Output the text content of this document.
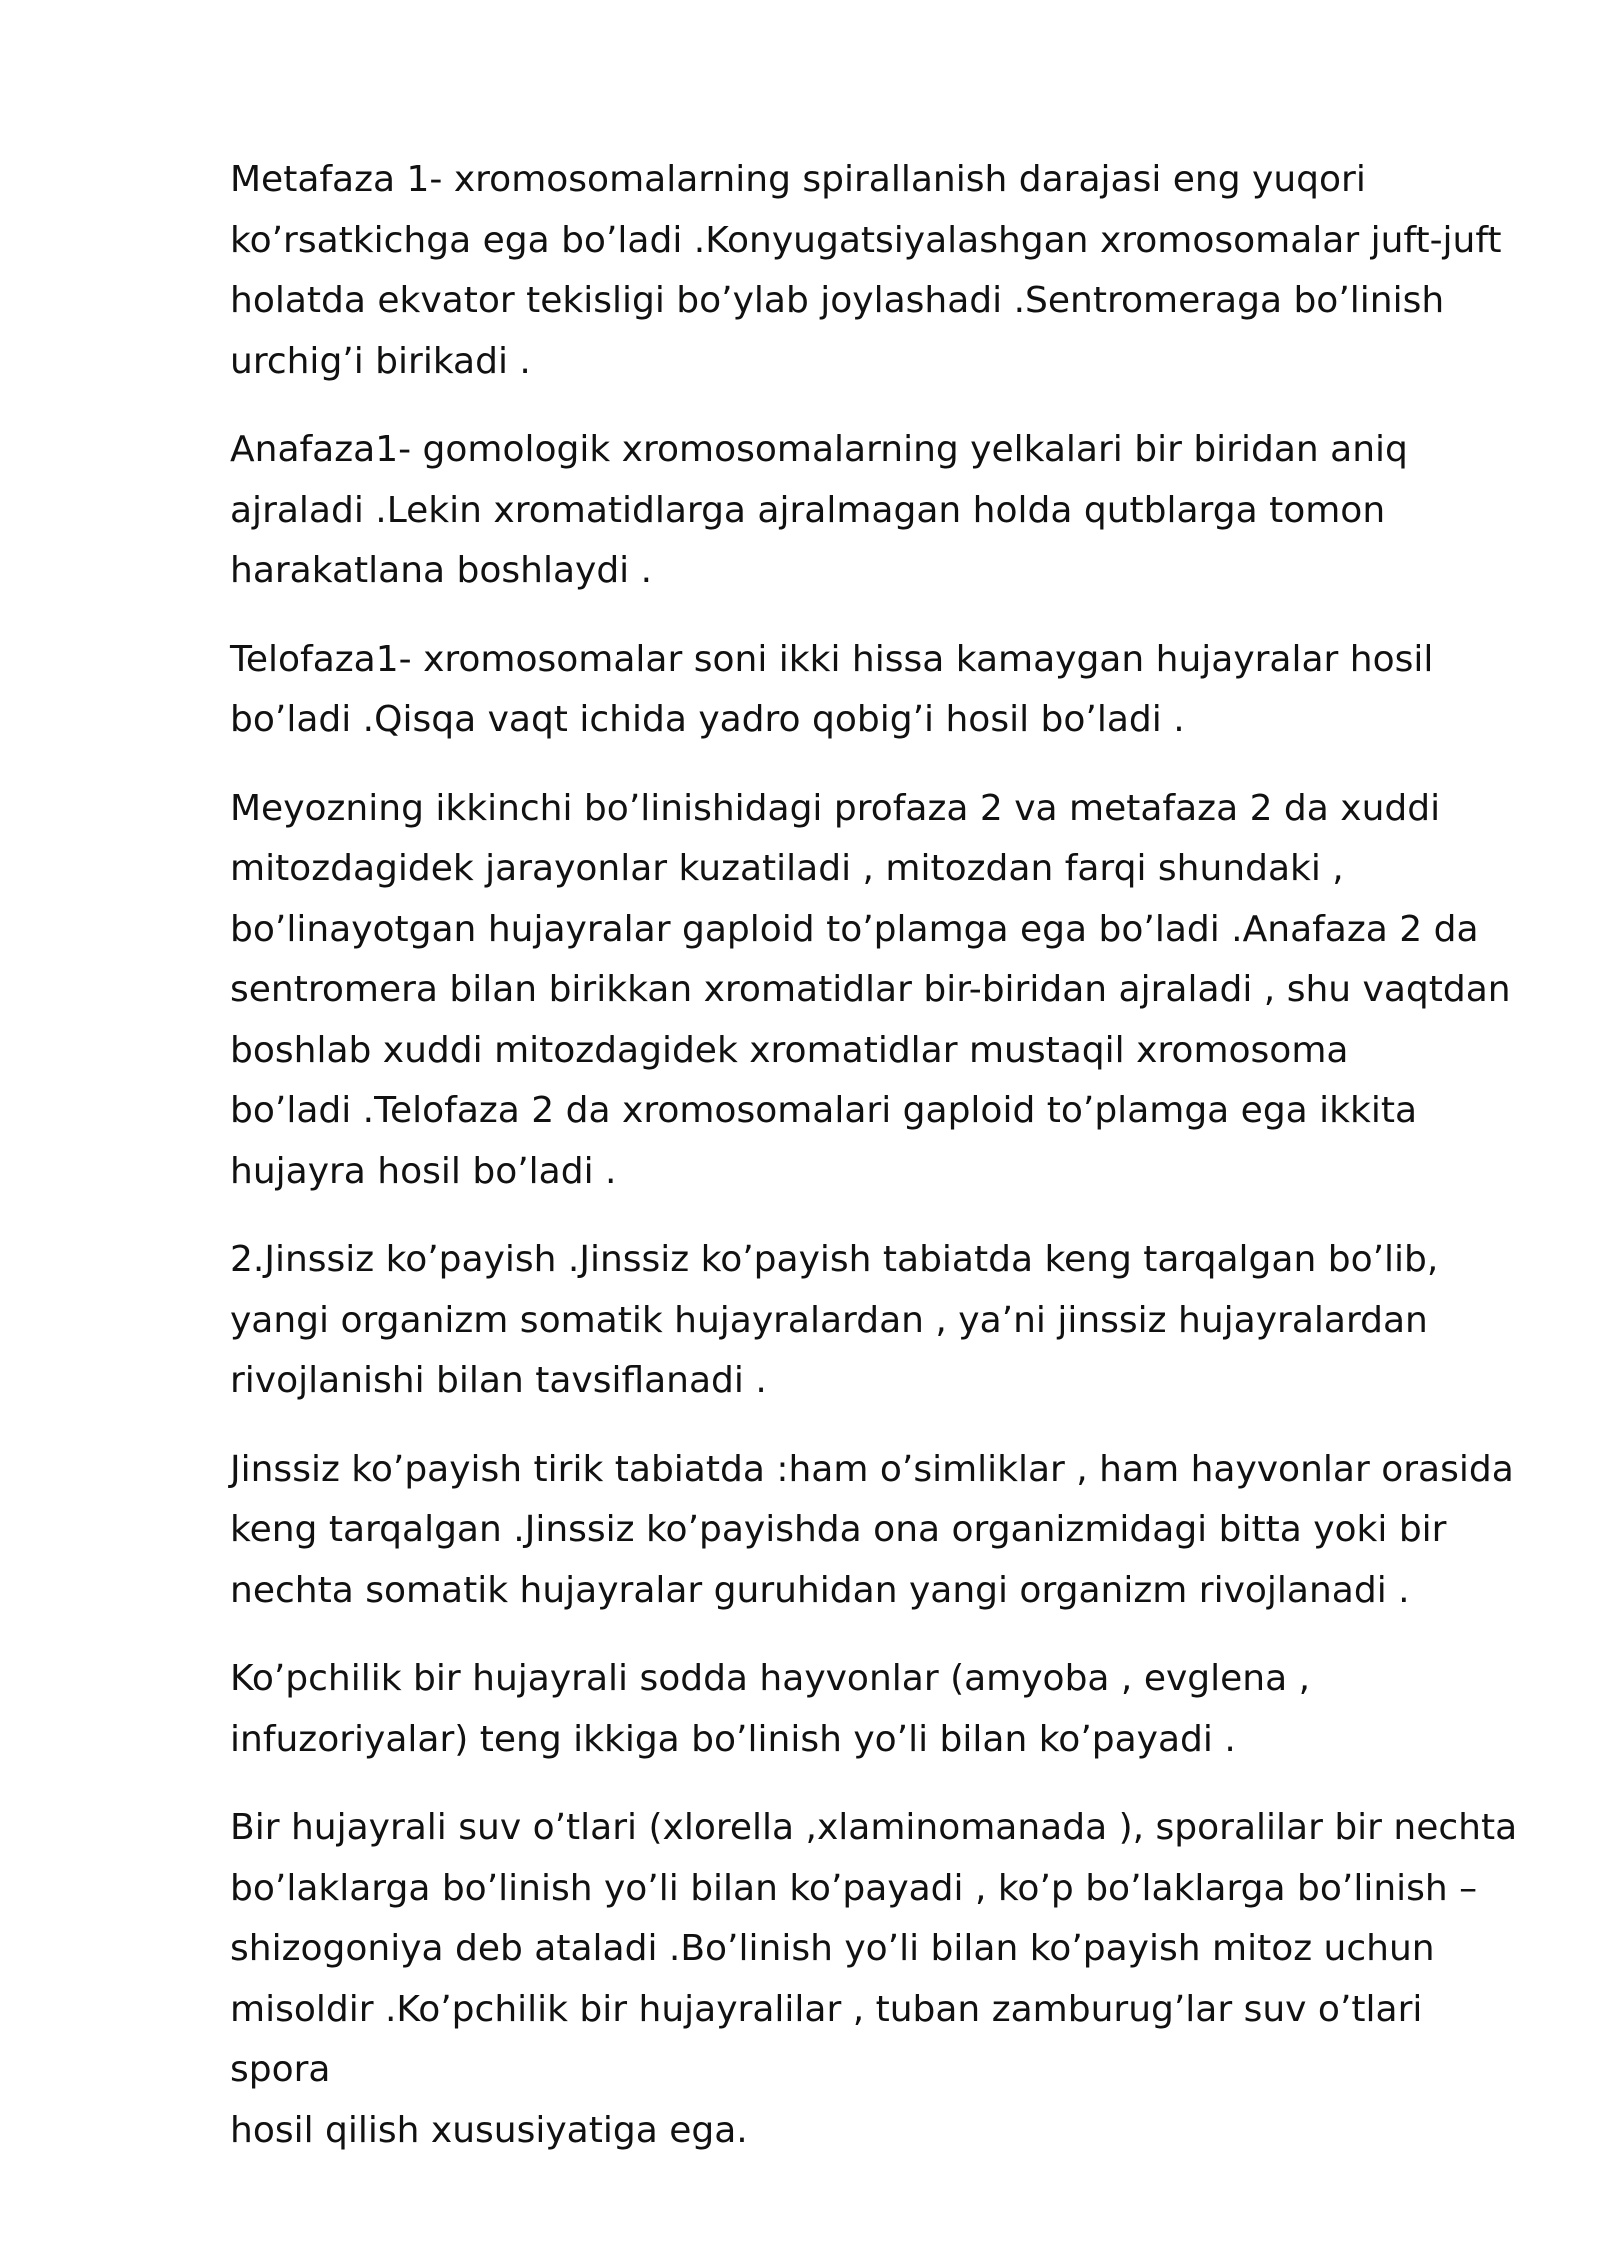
Metafaza 1- xromosomalarning spirallanish darajasi eng yuqori
ko’rsatkichga ega bo’ladi .Konyugatsiyalashgan xromosomalar juft-juft
holatda ekvator tekisligi bo’ylab joylashadi .Sentromeraga bo’linish
urchig’i birikadi .

Anafaza1- gomologik xromosomalarning yelkalari bir biridan aniq
ajraladi .Lekin xromatidlarga ajralmagan holda qutblarga tomon
harakatlana boshlaydi .

Telofaza1- xromosomalar soni ikki hissa kamaygan hujayralar hosil
bo’ladi .Qisqa vaqt ichida yadro qobig’i hosil bo’ladi .

Meyozning ikkinchi bo’linishidagi profaza 2 va metafaza 2 da xuddi
mitozdagidek jarayonlar kuzatiladi , mitozdan farqi shundaki ,
bo’linayotgan hujayralar gaploid to’plamga ega bo’ladi .Anafaza 2 da
sentromera bilan birikkan xromatidlar bir-biridan ajraladi , shu vaqtdan
boshlab xuddi mitozdagidek xromatidlar mustaqil xromosoma
bo’ladi .Telofaza 2 da xromosomalari gaploid to’plamga ega ikkita
hujayra hosil bo’ladi .

2.Jinssiz ko’payish .Jinssiz ko’payish tabiatda keng tarqalgan bo’lib,
yangi organizm somatik hujayralardan , ya’ni jinssiz hujayralardan
rivojlanishi bilan tavsiflanadi .

Jinssiz ko’payish tirik tabiatda :ham o’simliklar , ham hayvonlar orasida
keng tarqalgan .Jinssiz ko’payishda ona organizmidagi bitta yoki bir
nechta somatik hujayralar guruhidan yangi organizm rivojlanadi .

Ko’pchilik bir hujayrali sodda hayvonlar (amyoba , evglena ,
infuzoriyalar) teng ikkiga bo’linish yo’li bilan ko’payadi .

Bir hujayrali suv o’tlari (xlorella ,xlaminomanada ), sporalilar bir nechta
bo’laklarga bo’linish yo’li bilan ko’payadi , ko’p bo’laklarga bo’linish –
shizogoniya deb ataladi .Bo’linish yo’li bilan ko’payish mitoz uchun
misoldir .Ko’pchilik bir hujayralilar , tuban zamburug’lar suv o’tlari spora
hosil qilish xususiyatiga ega.
